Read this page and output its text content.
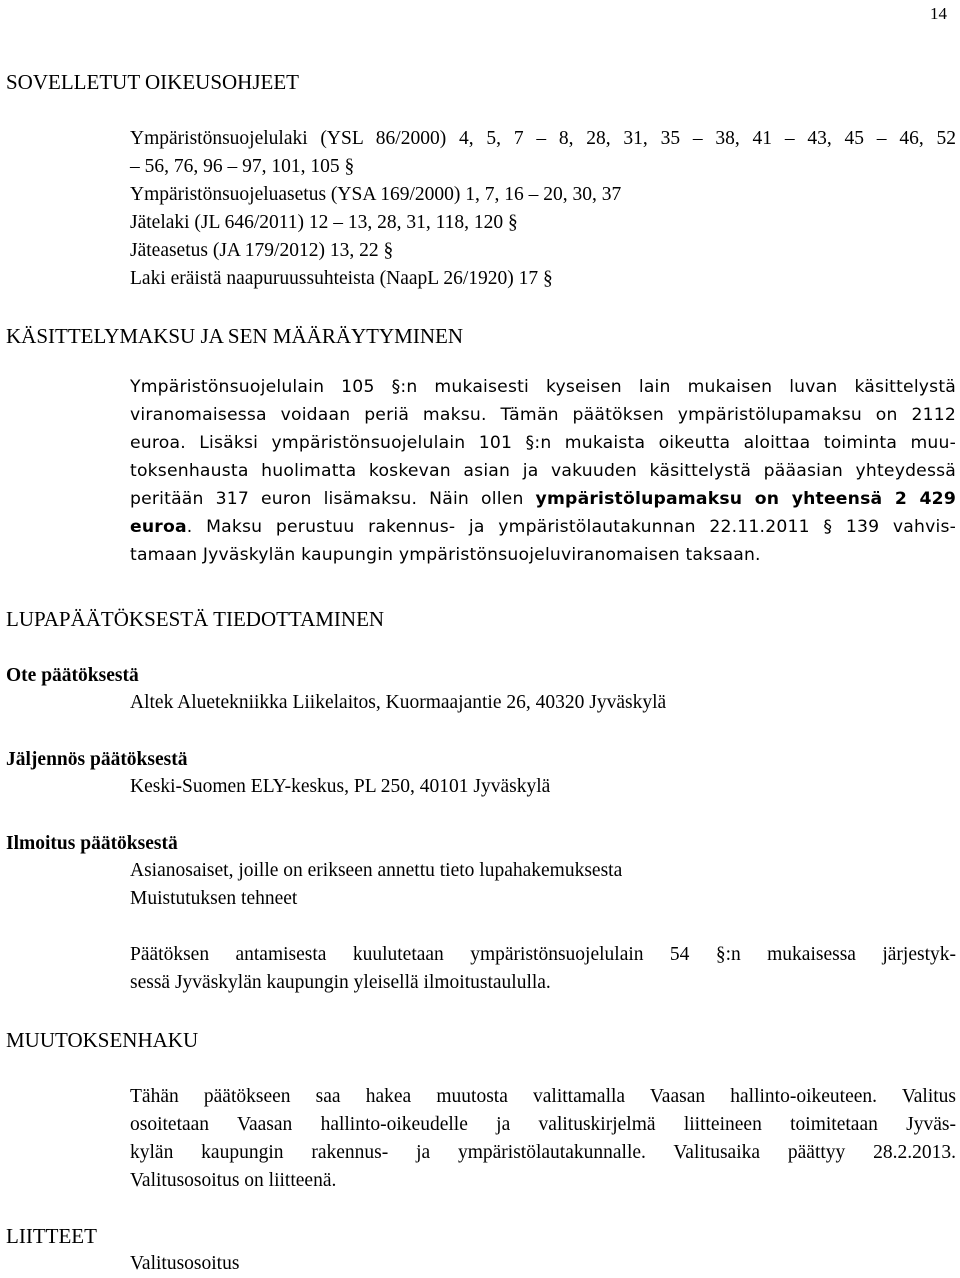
14
SOVELLETUT OIKEUSOHJEET
Ympäristönsuojelulaki (YSL 86/2000) 4, 5, 7 – 8, 28, 31, 35 – 38, 41 – 43, 45 – 46, 52
– 56, 76, 96 – 97, 101, 105 §
Ympäristönsuojeluasetus (YSA 169/2000) 1, 7, 16 – 20, 30, 37
Jätelaki (JL 646/2011) 12 – 13, 28, 31, 118, 120 §
Jäteasetus (JA 179/2012) 13, 22 §
Laki eräistä naapuruussuhteista (NaapL 26/1920) 17 §
KÄSITTELYMAKSU JA SEN MÄÄRÄYTYMINEN
Ympäristönsuojelulain 105 §:n mukaisesti kyseisen lain mukaisen luvan käsittelystä
viranomaisessa voidaan periä maksu. Tämän päätöksen ympäristölupamaksu on 2112
euroa. Lisäksi ympäristönsuojelulain 101 §:n mukaista oikeutta aloittaa toiminta muu-
toksenhausta huolimatta koskevan asian ja vakuuden käsittelystä pääasian yhteydessä
peritään 317 euron lisämaksu. Näin ollen ympäristölupamaksu on yhteensä 2 429
euroa. Maksu perustuu rakennus- ja ympäristölautakunnan 22.11.2011 § 139 vahvis-
tamaan Jyväskylän kaupungin ympäristönsuojeluviranomaisen taksaan.
LUPAPÄÄTÖKSESTÄ TIEDOTTAMINEN
Ote päätöksestä
Altek Aluetekniikka Liikelaitos, Kuormaajantie 26, 40320 Jyväskylä
Jäljennös päätöksestä
Keski-Suomen ELY-keskus, PL 250, 40101 Jyväskylä
Ilmoitus päätöksestä
Asianosaiset, joille on erikseen annettu tieto lupahakemuksesta
Muistutuksen tehneet
Päätöksen antamisesta kuulutetaan ympäristönsuojelulain 54 §:n mukaisessa järjestyk-
sessä Jyväskylän kaupungin yleisellä ilmoitustaululla.
MUUTOKSENHAKU
Tähän päätökseen saa hakea muutosta valittamalla Vaasan hallinto-oikeuteen. Valitus
osoitetaan Vaasan hallinto-oikeudelle ja valituskirjelmä liitteineen toimitetaan Jyväs-
kylän kaupungin rakennus- ja ympäristölautakunnalle. Valitusaika päättyy 28.2.2013.
Valitusosoitus on liitteenä.
LIITTEET
Valitusosoitus
